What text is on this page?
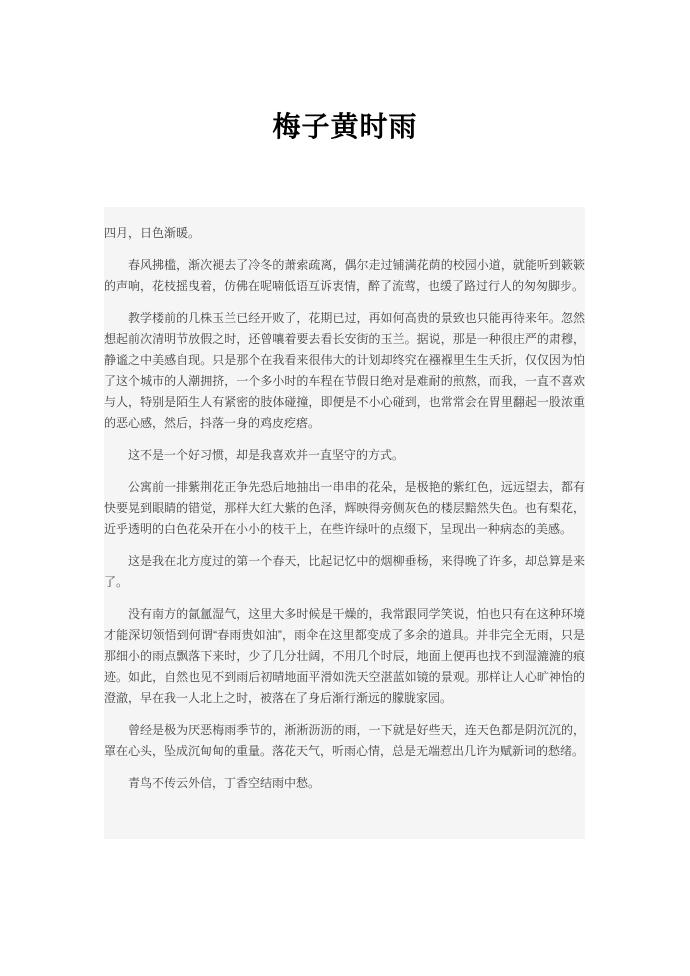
梅子黄时雨

四月，日色渐暖。

春风拂槛，渐次褪去了冷冬的萧索疏离，偶尔走过铺满花荫的校园小道，就能听到簌簌的声响，花枝摇曳着，仿佛在呢喃低语互诉衷情，醉了流莺，也缓了路过行人的匆匆脚步。

教学楼前的几株玉兰已经开败了，花期已过，再如何高贵的景致也只能再待来年。忽然想起前次清明节放假之时，还曾嚷着要去看长安街的玉兰。据说，那是一种很庄严的肃穆，静谧之中美感自现。只是那个在我看来很伟大的计划却终究在襁褓里生生夭折，仅仅因为怕了这个城市的人潮拥挤，一个多小时的车程在节假日绝对是难耐的煎熬，而我，一直不喜欢与人，特别是陌生人有紧密的肢体碰撞，即便是不小心碰到，也常常会在胃里翻起一股浓重的恶心感，然后，抖落一身的鸡皮疙瘩。

这不是一个好习惯，却是我喜欢并一直坚守的方式。

公寓前一排紫荆花正争先恐后地抽出一串串的花朵，是极艳的紫红色，远远望去，都有快要晃到眼睛的错觉，那样大红大紫的色泽，辉映得旁侧灰色的楼层黯然失色。也有梨花，近乎透明的白色花朵开在小小的枝干上，在些许绿叶的点缀下，呈现出一种病态的美感。

这是我在北方度过的第一个春天，比起记忆中的烟柳垂杨，来得晚了许多，却总算是来了。

没有南方的氤氲湿气，这里大多时候是干燥的，我常跟同学笑说，怕也只有在这种环境才能深切领悟到何谓“春雨贵如油”，雨伞在这里都变成了多余的道具。并非完全无雨，只是那细小的雨点飘落下来时，少了几分壮阔，不用几个时辰，地面上便再也找不到湿漉漉的痕迹。如此，自然也见不到雨后初晴地面平滑如洗天空湛蓝如镜的景观。那样让人心旷神怡的澄澈，早在我一人北上之时，被落在了身后渐行渐远的朦胧家园。

曾经是极为厌恶梅雨季节的，淅淅沥沥的雨，一下就是好些天，连天色都是阴沉沉的，罩在心头，坠成沉甸甸的重量。落花天气，听雨心情，总是无端惹出几许为赋新词的愁绪。

青鸟不传云外信，丁香空结雨中愁。
